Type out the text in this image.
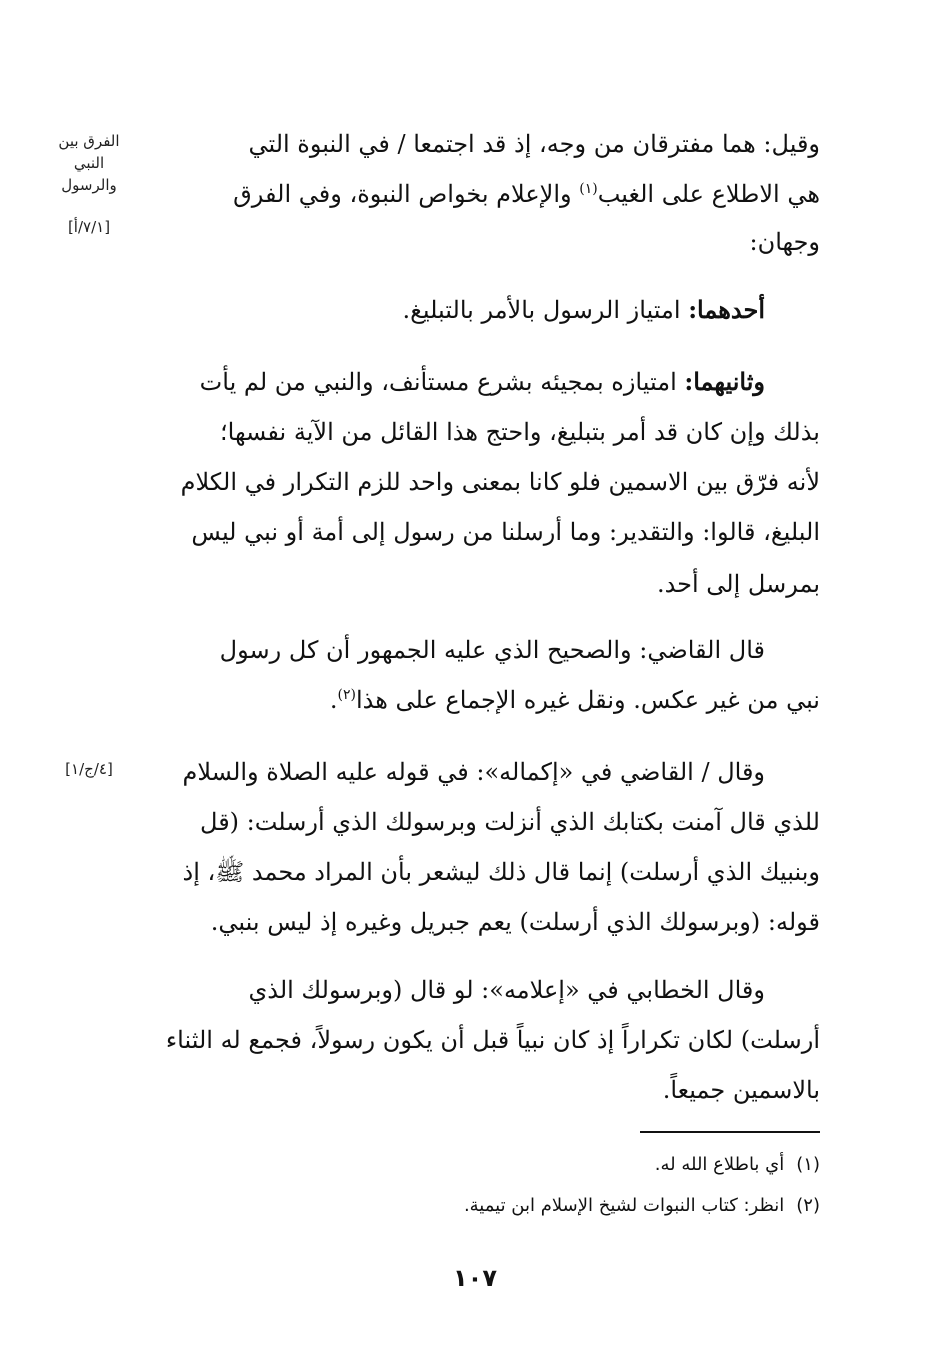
الفرق بين
النبي
والرسول
[٧/١/أ]
[٤/ج/١]
وقيل: هما مفترقان من وجه، إذ قد اجتمعا / في النبوة التي
هي الاطلاع على الغيب$^{(١)}$ والإعلام بخواص النبوة، وفي الفرق
وجهان:
أحدهما: امتياز الرسول بالأمر بالتبليغ.
وثانيهما: امتيازه بمجيئه بشرع مستأنف، والنبي من لم يأت
بذلك وإن كان قد أمر بتبليغ، واحتج هذا القائل من الآية نفسها؛
لأنه فرّق بين الاسمين فلو كانا بمعنى واحد للزم التكرار في الكلام
البليغ، قالوا: والتقدير: وما أرسلنا من رسول إلى أمة أو نبي ليس
بمرسل إلى أحد.
قال القاضي: والصحيح الذي عليه الجمهور أن كل رسول
نبي من غير عكس. ونقل غيره الإجماع على هذا$^{(٢)}$.
وقال / القاضي في «إكماله»: في قوله عليه الصلاة والسلام
للذي قال آمنت بكتابك الذي أنزلت وبرسولك الذي أرسلت: (قل
وبنبيك الذي أرسلت) إنما قال ذلك ليشعر بأن المراد محمد ﷺ، إذ
قوله: (وبرسولك الذي أرسلت) يعم جبريل وغيره إذ ليس بنبي.
وقال الخطابي في «إعلامه»: لو قال (وبرسولك الذي
أرسلت) لكان تكراراً إذ كان نبياً قبل أن يكون رسولاً، فجمع له الثناء
بالاسمين جميعاً.
(١)أي باطلاع الله له.
(٢)انظر: كتاب النبوات لشيخ الإسلام ابن تيمية.
١٠٧
